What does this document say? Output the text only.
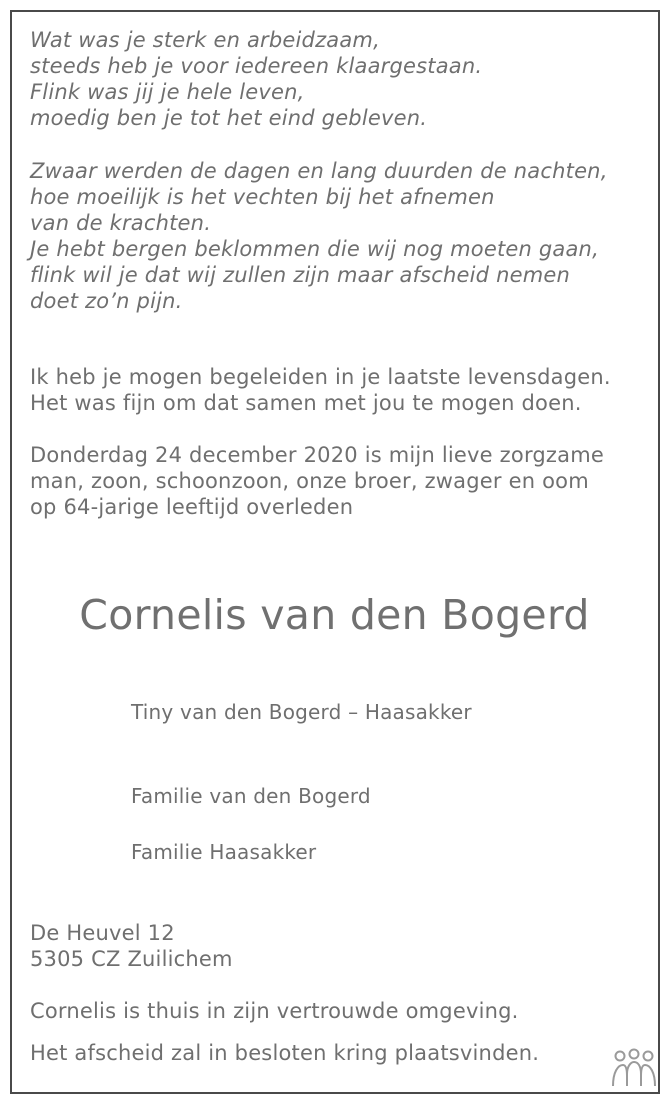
Wat was je sterk en arbeidzaam,
steeds heb je voor iedereen klaargestaan.
Flink was jij je hele leven,
moedig ben je tot het eind gebleven.
Zwaar werden de dagen en lang duurden de nachten,
hoe moeilijk is het vechten bij het afnemen
van de krachten.
Je hebt bergen beklommen die wij nog moeten gaan,
flink wil je dat wij zullen zijn maar afscheid nemen
doet zo’n pijn.
Ik heb je mogen begeleiden in je laatste levensdagen.
Het was fijn om dat samen met jou te mogen doen.
Donderdag 24 december 2020 is mijn lieve zorgzame
man, zoon, schoonzoon, onze broer, zwager en oom
op 64-jarige leeftijd overleden
Cornelis van den Bogerd
Tiny van den Bogerd – Haasakker
Familie van den Bogerd
Familie Haasakker
De Heuvel 12
5305 CZ Zuilichem
Cornelis is thuis in zijn vertrouwde omgeving.
Het afscheid zal in besloten kring plaatsvinden.
